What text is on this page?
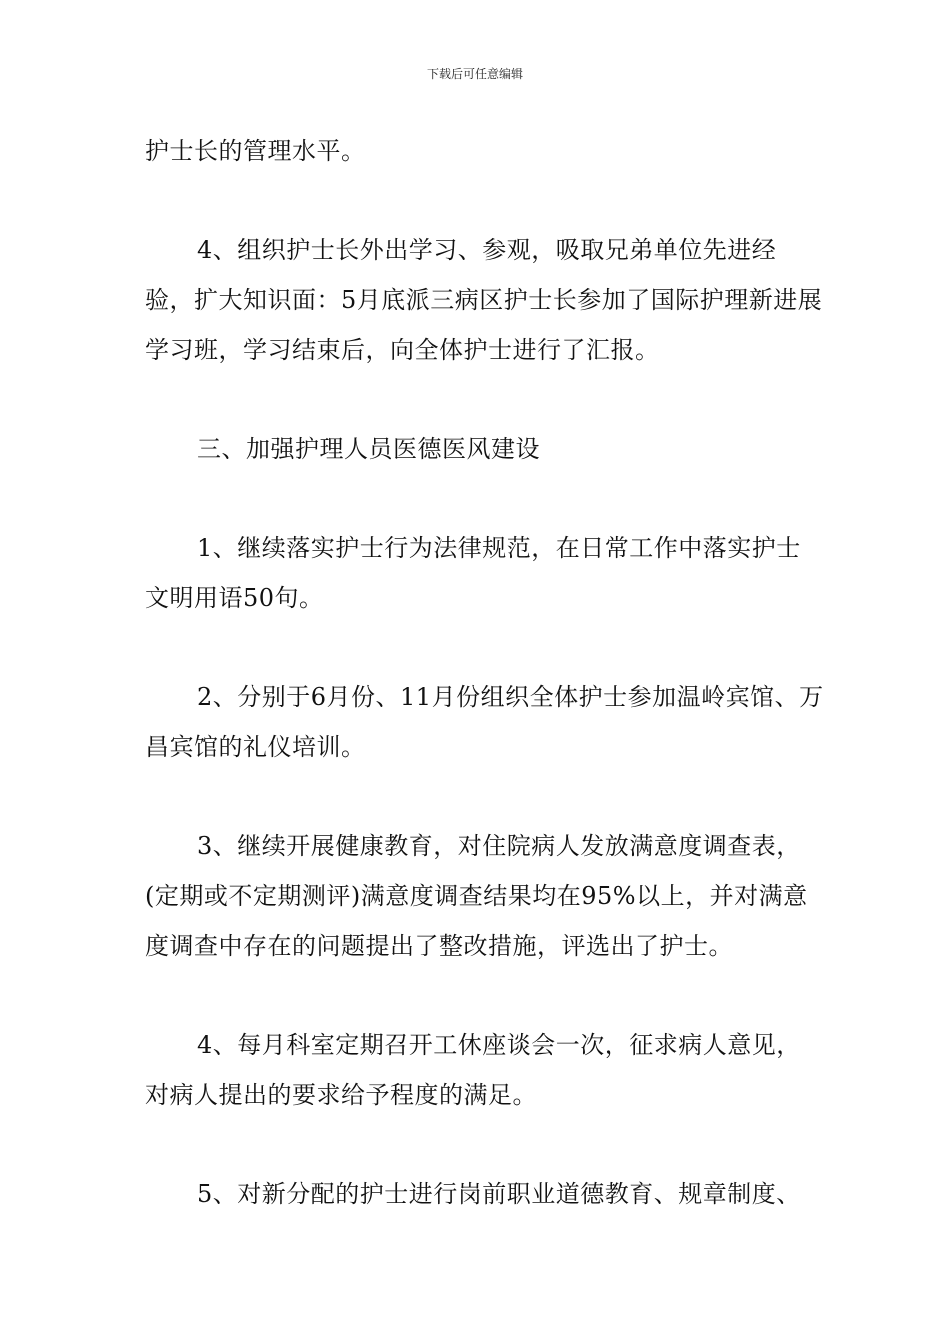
下载后可任意编辑

护士长的管理水平。

4、组织护士长外出学习、参观，吸取兄弟单位先进经验，扩大知识面：5月底派三病区护士长参加了国际护理新进展学习班，学习结束后，向全体护士进行了汇报。

三、加强护理人员医德医风建设

1、继续落实护士行为法律规范，在日常工作中落实护士文明用语50句。

2、分别于6月份、11月份组织全体护士参加温岭宾馆、万昌宾馆的礼仪培训。

3、继续开展健康教育，对住院病人发放满意度调查表，(定期或不定期测评)满意度调查结果均在95%以上，并对满意度调查中存在的问题提出了整改措施，评选出了护士。

4、每月科室定期召开工休座谈会一次，征求病人意见，对病人提出的要求给予程度的满足。

5、对新分配的护士进行岗前职业道德教育、规章制度、
